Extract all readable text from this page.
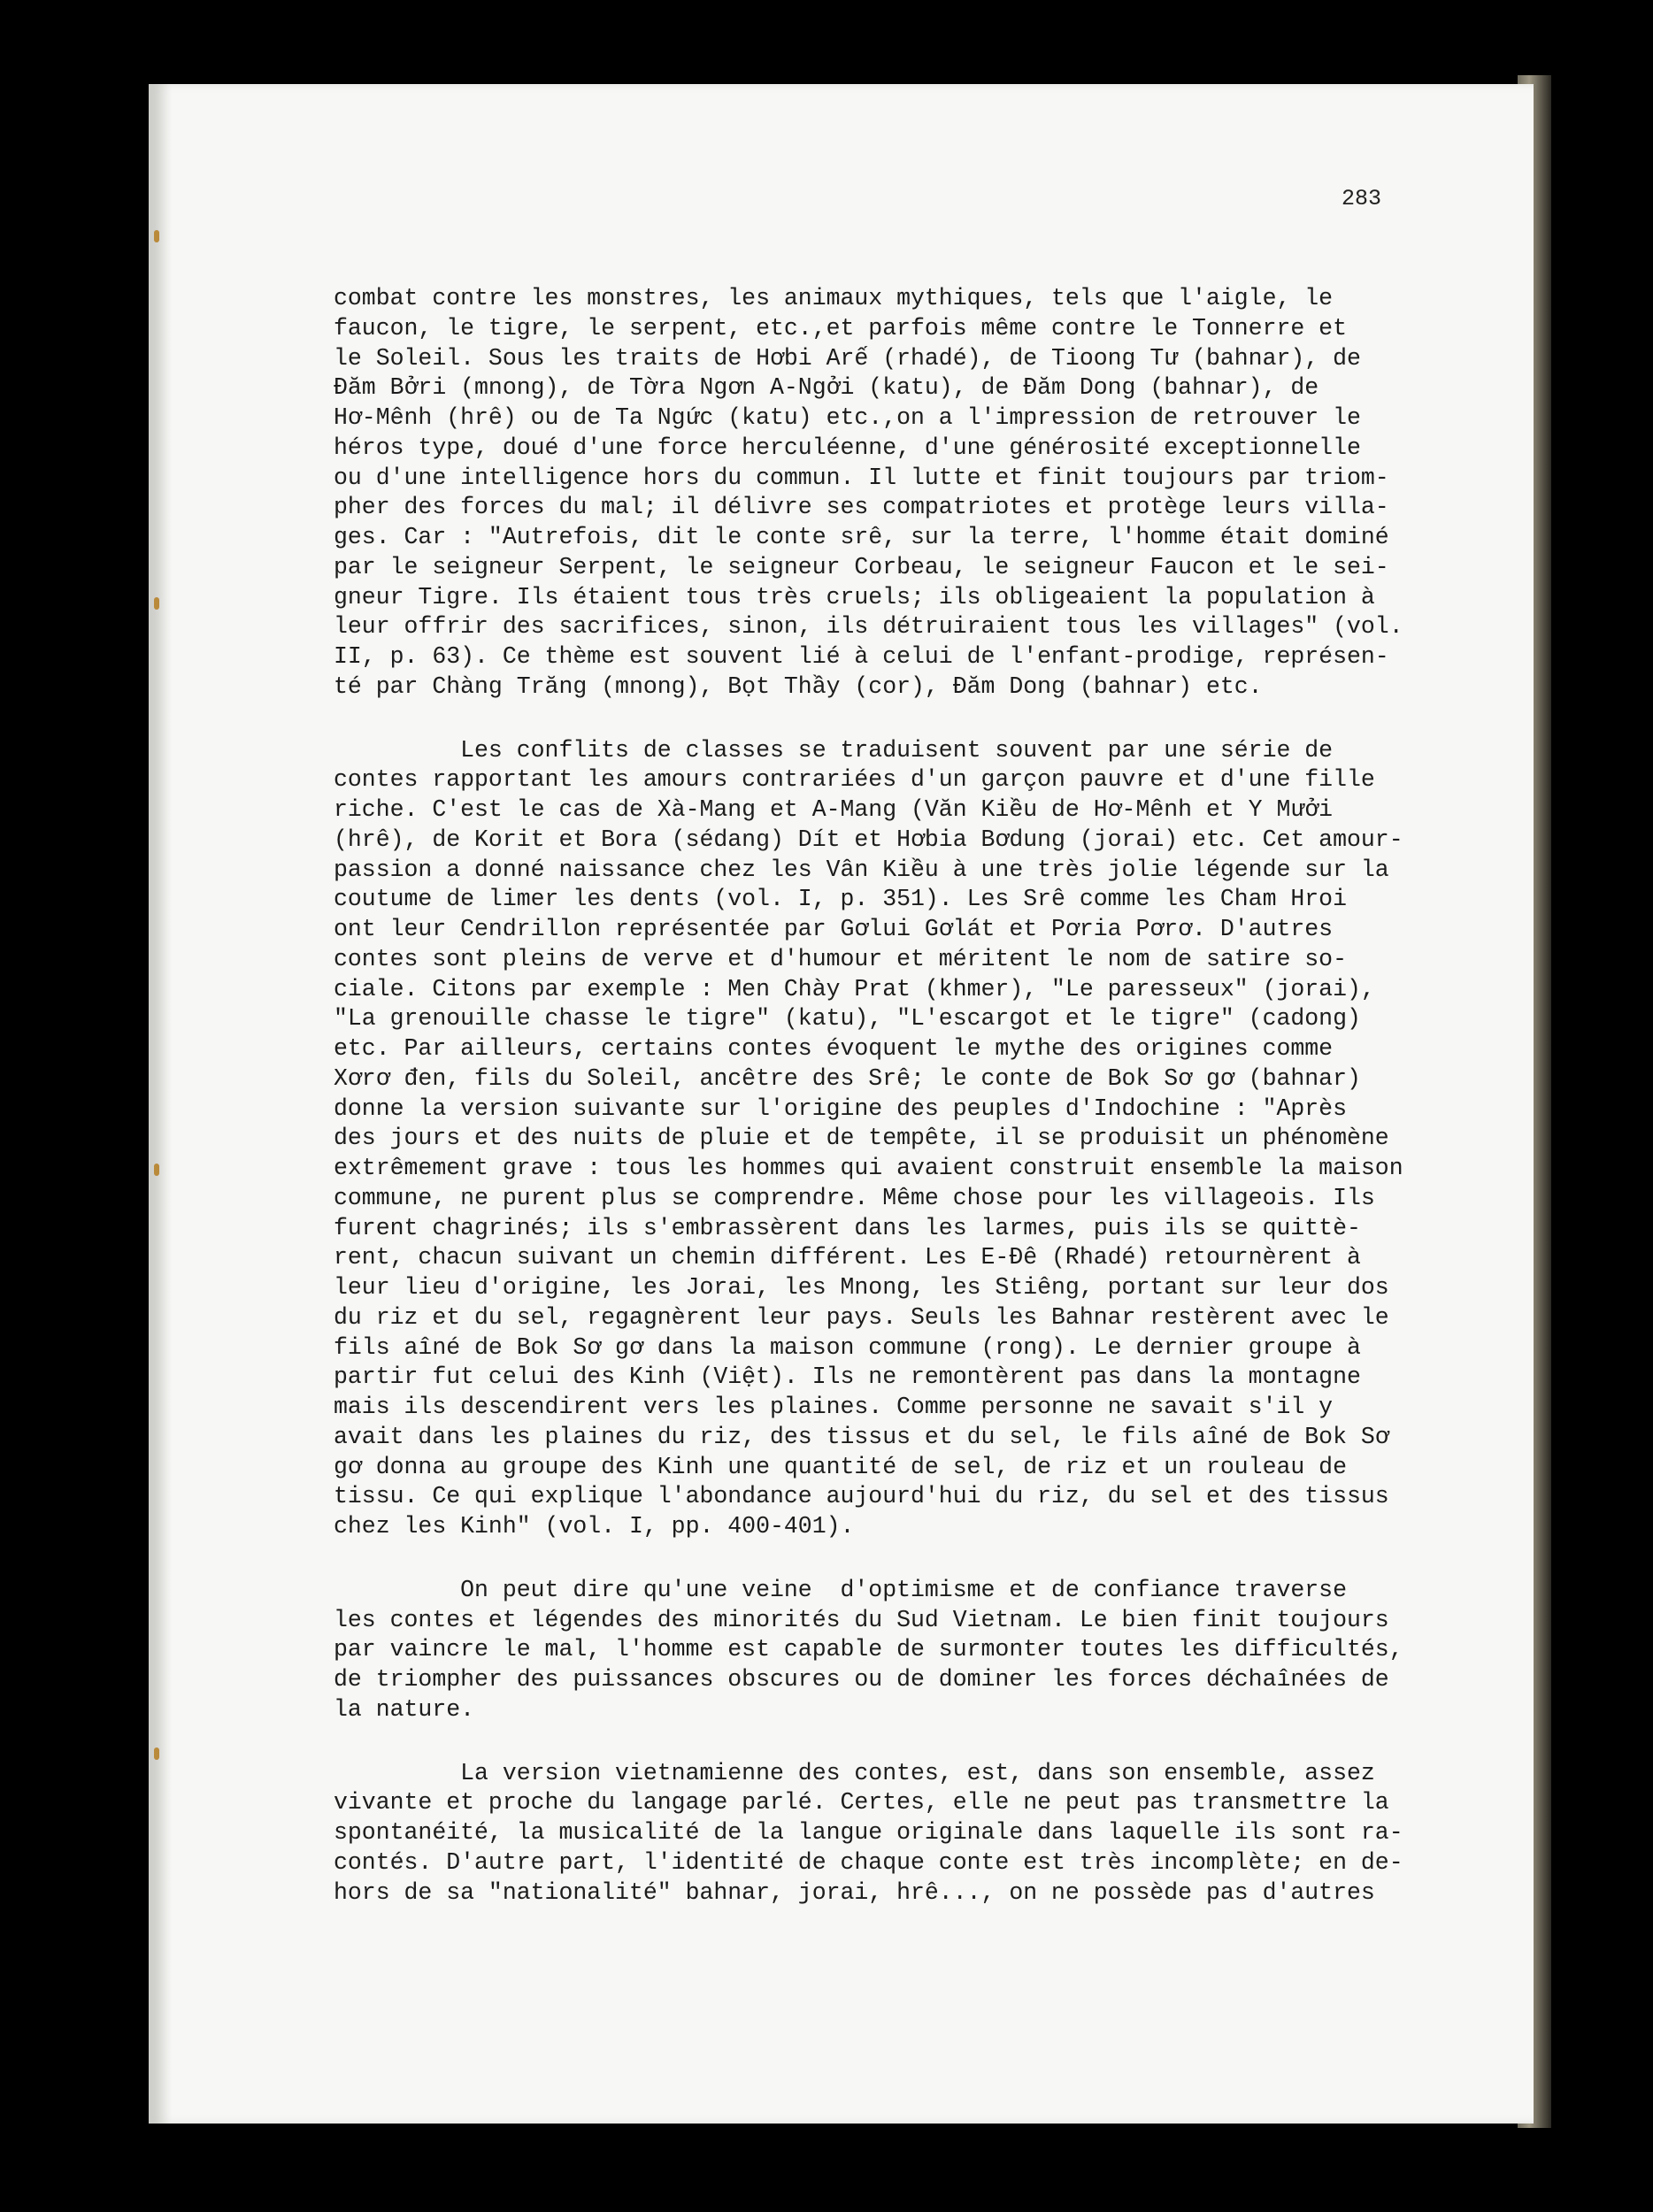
283

combat contre les monstres, les animaux mythiques, tels que l'aigle, le
faucon, le tigre, le serpent, etc.,et parfois même contre le Tonnerre et
le Soleil. Sous les traits de Hơbi Arế (rhadé), de Tioong Tư (bahnar), de
Đăm Bởri (mnong), de Tờra Ngơn A-Ngởi (katu), de Đăm Dong (bahnar), de
Hơ-Mênh (hrê) ou de Ta Ngức (katu) etc.,on a l'impression de retrouver le
héros type, doué d'une force herculéenne, d'une générosité exceptionnelle
ou d'une intelligence hors du commun. Il lutte et finit toujours par triom-
pher des forces du mal; il délivre ses compatriotes et protège leurs villa-
ges. Car : "Autrefois, dit le conte srê, sur la terre, l'homme était dominé
par le seigneur Serpent, le seigneur Corbeau, le seigneur Faucon et le sei-
gneur Tigre. Ils étaient tous très cruels; ils obligeaient la population à
leur offrir des sacrifices, sinon, ils détruiraient tous les villages" (vol.
II, p. 63). Ce thème est souvent lié à celui de l'enfant-prodige, représen-
té par Chàng Trăng (mnong), Bọt Thầy (cor), Đăm Dong (bahnar) etc.
Les conflits de classes se traduisent souvent par une série de
contes rapportant les amours contrariées d'un garçon pauvre et d'une fille
riche. C'est le cas de Xà-Mang et A-Mang (Văn Kiều de Hơ-Mênh et Y Mưởi
(hrê), de Korit et Bora (sédang) Dít et Hơbia Bơdung (jorai) etc. Cet amour-
passion a donné naissance chez les Vân Kiều à une très jolie légende sur la
coutume de limer les dents (vol. I, p. 351). Les Srê comme les Cham Hroi
ont leur Cendrillon représentée par Gơlui Gơlát et Pơria Pơrơ. D'autres
contes sont pleins de verve et d'humour et méritent le nom de satire so-
ciale. Citons par exemple : Men Chày Prat (khmer), "Le paresseux" (jorai),
"La grenouille chasse le tigre" (katu), "L'escargot et le tigre" (cadong)
etc. Par ailleurs, certains contes évoquent le mythe des origines comme
Xơrơ đen, fils du Soleil, ancêtre des Srê; le conte de Bok Sơ gơ (bahnar)
donne la version suivante sur l'origine des peuples d'Indochine : "Après
des jours et des nuits de pluie et de tempête, il se produisit un phénomène
extrêmement grave : tous les hommes qui avaient construit ensemble la maison
commune, ne purent plus se comprendre. Même chose pour les villageois. Ils
furent chagrinés; ils s'embrassèrent dans les larmes, puis ils se quittè-
rent, chacun suivant un chemin différent. Les E-Đê (Rhadé) retournèrent à
leur lieu d'origine, les Jorai, les Mnong, les Stiêng, portant sur leur dos
du riz et du sel, regagnèrent leur pays. Seuls les Bahnar restèrent avec le
fils aîné de Bok Sơ gơ dans la maison commune (rong). Le dernier groupe à
partir fut celui des Kinh (Việt). Ils ne remontèrent pas dans la montagne
mais ils descendirent vers les plaines. Comme personne ne savait s'il y
avait dans les plaines du riz, des tissus et du sel, le fils aîné de Bok Sơ
gơ donna au groupe des Kinh une quantité de sel, de riz et un rouleau de
tissu. Ce qui explique l'abondance aujourd'hui du riz, du sel et des tissus
chez les Kinh" (vol. I, pp. 400-401).
On peut dire qu'une veine  d'optimisme et de confiance traverse
les contes et légendes des minorités du Sud Vietnam. Le bien finit toujours
par vaincre le mal, l'homme est capable de surmonter toutes les difficultés,
de triompher des puissances obscures ou de dominer les forces déchaînées de
la nature.
La version vietnamienne des contes, est, dans son ensemble, assez
vivante et proche du langage parlé. Certes, elle ne peut pas transmettre la
spontanéité, la musicalité de la langue originale dans laquelle ils sont ra-
contés. D'autre part, l'identité de chaque conte est très incomplète; en de-
hors de sa "nationalité" bahnar, jorai, hrê..., on ne possède pas d'autres
